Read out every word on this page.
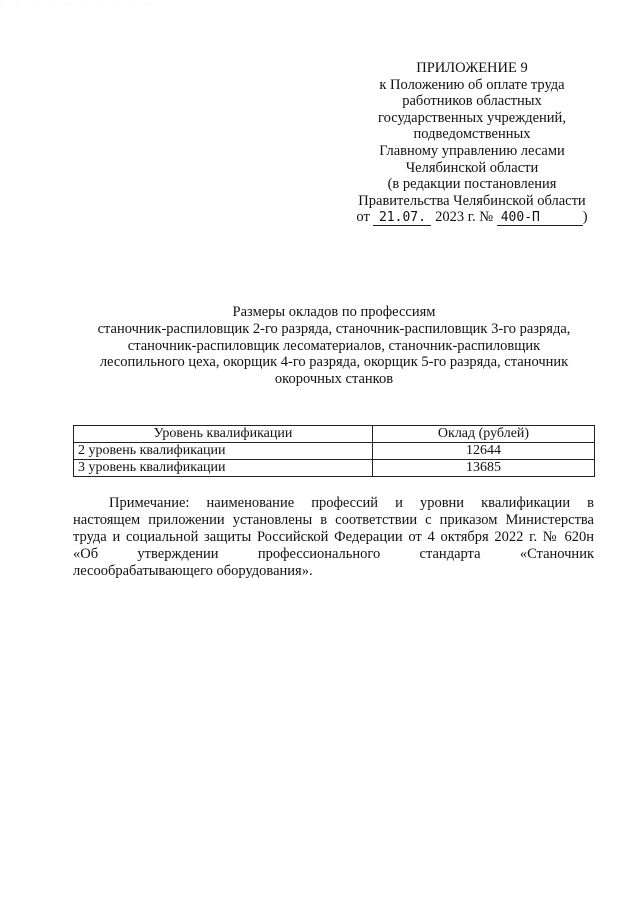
· · · · · · · · · ·
ПРИЛОЖЕНИЕ 9
к Положению об оплате труда
работников областных
государственных учреждений,
подведомственных
Главному управлению лесами
Челябинской области
(в редакции постановления
Правительства Челябинской области
от 21.07. 2023 г. № 400-П	)
Размеры окладов по профессиям
станочник-распиловщик 2-го разряда, станочник-распиловщик 3-го разряда,
станочник-распиловщик лесоматериалов, станочник-распиловщик
лесопильного цеха, окорщик 4-го разряда, окорщик 5-го разряда, станочник
окорочных станков
Уровень квалификации	Оклад (рублей)
2 уровень квалификации	12644
3 уровень квалификации	13685
Примечание: наименование профессий и уровни квалификации в
настоящем приложении установлены в соответствии с приказом Министерства
труда и социальной защиты Российской Федерации от 4 октября 2022 г. № 620н
«Об утверждении профессионального стандарта «Станочник
лесообрабатывающего оборудования».
